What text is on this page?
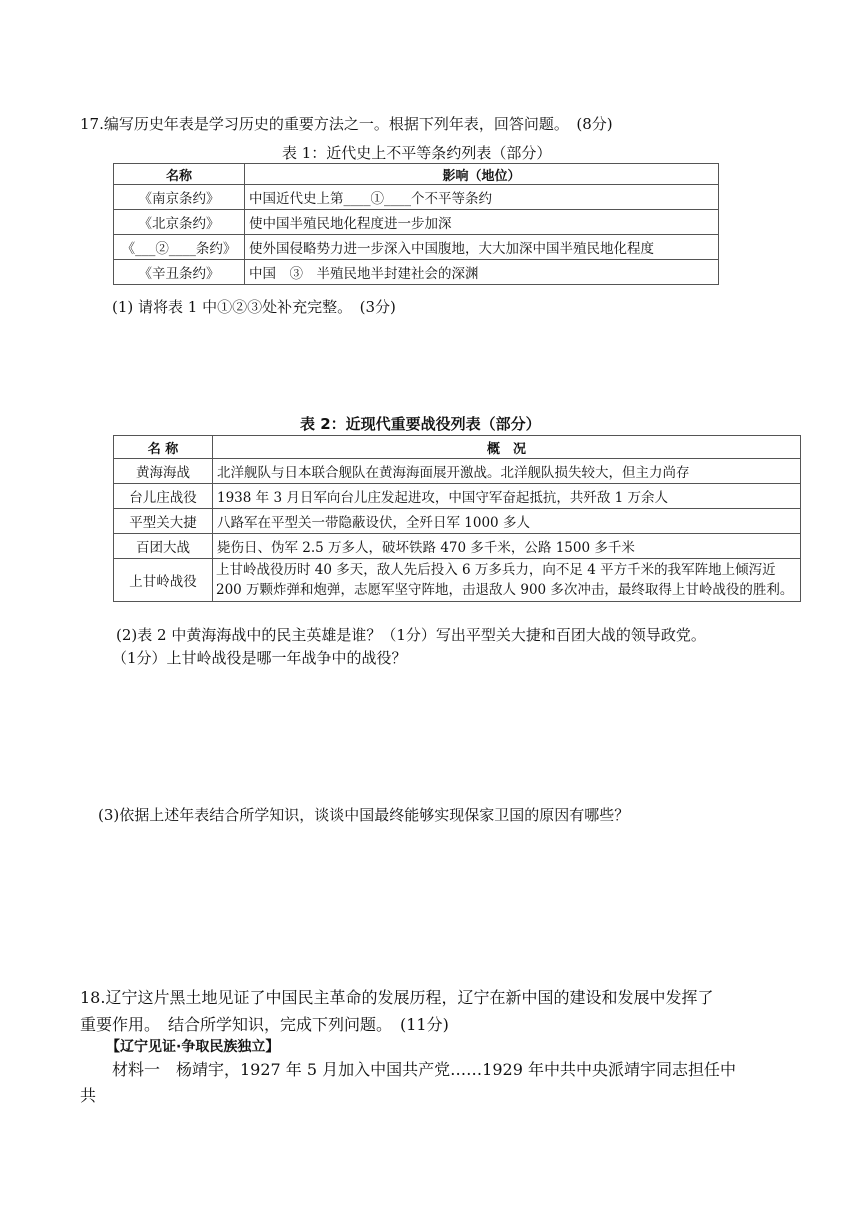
17.编写历史年表是学习历史的重要方法之一。根据下列年表，回答问题。　(8分)
表 1：近代史上不平等条约列表（部分）
名称	影响（地位）
《南京条约》	中国近代史上第____①____个不平等条约
《北京条约》	使中国半殖民地化程度进一步加深
《___②____条约》	使外国侵略势力进一步深入中国腹地，大大加深中国半殖民地化程度
《辛丑条约》	中国　③　半殖民地半封建社会的深渊
(1) 请将表 1 中①②③处补充完整。　(3分)
表 2：近现代重要战役列表（部分）
名 称	概　况
黄海海战	北洋舰队与日本联合舰队在黄海海面展开激战。北洋舰队损失较大，但主力尚存
台儿庄战役	1938 年 3 月日军向台儿庄发起进攻，中国守军奋起抵抗，共歼敌 1 万余人
平型关大捷	八路军在平型关一带隐蔽设伏，全歼日军 1000 多人
百团大战	毙伤日、伪军 2.5 万多人，破坏铁路 470 多千米，公路 1500 多千米
上甘岭战役	上甘岭战役历时 40 多天，敌人先后投入 6 万多兵力，向不足 4 平方千米的我军阵地上倾泻近 200 万颗炸弹和炮弹，志愿军坚守阵地，击退敌人 900 多次冲击，最终取得上甘岭战役的胜利。
(2)表 2 中黄海海战中的民主英雄是谁？（1分）写出平型关大捷和百团大战的领导政党。
（1分）上甘岭战役是哪一年战争中的战役？
(3)依据上述年表结合所学知识，谈谈中国最终能够实现保家卫国的原因有哪些？
18.辽宁这片黑土地见证了中国民主革命的发展历程，辽宁在新中国的建设和发展中发挥了
重要作用。　结合所学知识，完成下列问题。　(11分)
【辽宁见证·争取民族独立】
材料一　杨靖宇，1927 年 5 月加入中国共产党……1929 年中共中央派靖宇同志担任中
共
